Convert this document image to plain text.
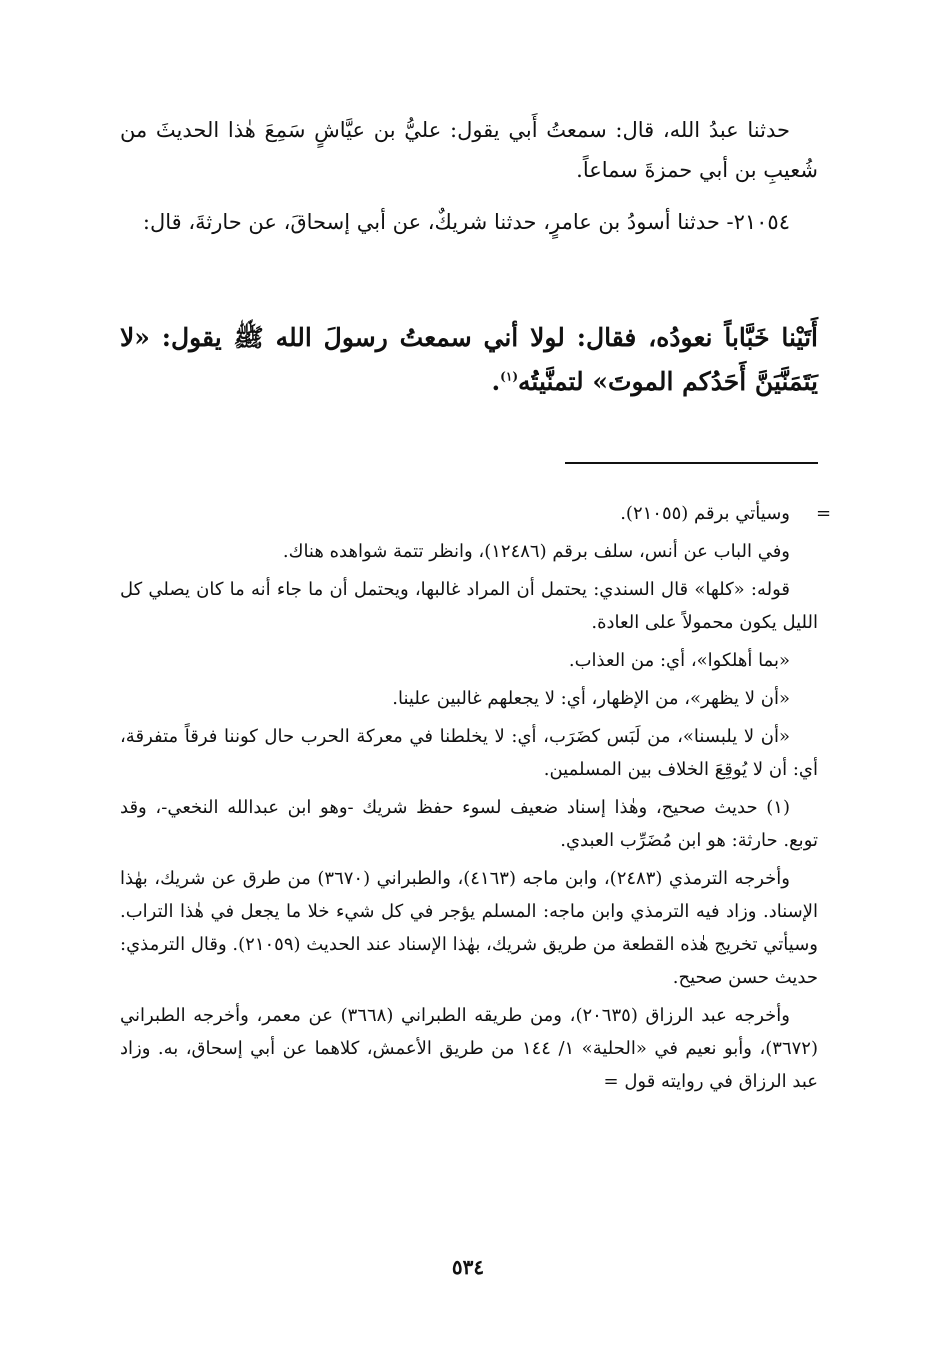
حدثنا عبدُ الله، قال: سمعتُ أَبي يقول: عليُّ بن عيَّاشٍ سَمِعَ هٰذا الحديثَ من شُعيبِ بن أبي حمزةَ سماعاً.

٢١٠٥٤- حدثنا أسودُ بن عامرٍ، حدثنا شريكٌ، عن أبي إسحاقَ، عن حارثةَ، قال:

أَتَيْنا خَبَّاباً نعودُه، فقال: لولا أني سمعتُ رسولَ الله ﷺ يقول: «لا يَتَمَنَّيَنَّ أَحَدُكم الموتَ» لتمنَّيتُه$^{(١)}$.

=

وسيأتي برقم (٢١٠٥٥).

وفي الباب عن أنس، سلف برقم (١٢٤٨٦)، وانظر تتمة شواهده هناك.

قوله: «كلها» قال السندي: يحتمل أن المراد غالبها، ويحتمل أن ما جاء أنه ما كان يصلي كل الليل يكون محمولاً على العادة.

«بما أهلكوا»، أي: من العذاب.

«أن لا يظهر»، من الإظهار، أي: لا يجعلهم غالبين علينا.

«أن لا يلبسنا»، من لَبَس كضَرَب، أي: لا يخلطنا في معركة الحرب حال كوننا فرقاً متفرقة، أي: أن لا يُوقِعَ الخلاف بين المسلمين.

(١) حديث صحيح، وهٰذا إسناد ضعيف لسوء حفظ شريك -وهو ابن عبدالله النخعي-، وقد توبع. حارثة: هو ابن مُضَرِّب العبدي.

وأخرجه الترمذي (٢٤٨٣)، وابن ماجه (٤١٦٣)، والطبراني (٣٦٧٠) من طرق عن شريك، بهٰذا الإسناد. وزاد فيه الترمذي وابن ماجه: المسلم يؤجر في كل شيء خلا ما يجعل في هٰذا التراب. وسيأتي تخريج هٰذه القطعة من طريق شريك، بهٰذا الإسناد عند الحديث (٢١٠٥٩). وقال الترمذي: حديث حسن صحيح.

وأخرجه عبد الرزاق (٢٠٦٣٥)، ومن طريقه الطبراني (٣٦٦٨) عن معمر، وأخرجه الطبراني (٣٦٧٢)، وأبو نعيم في «الحلية» ١/ ١٤٤ من طريق الأعمش، كلاهما عن أبي إسحاق، به. وزاد عبد الرزاق في روايته قول =

٥٣٤
